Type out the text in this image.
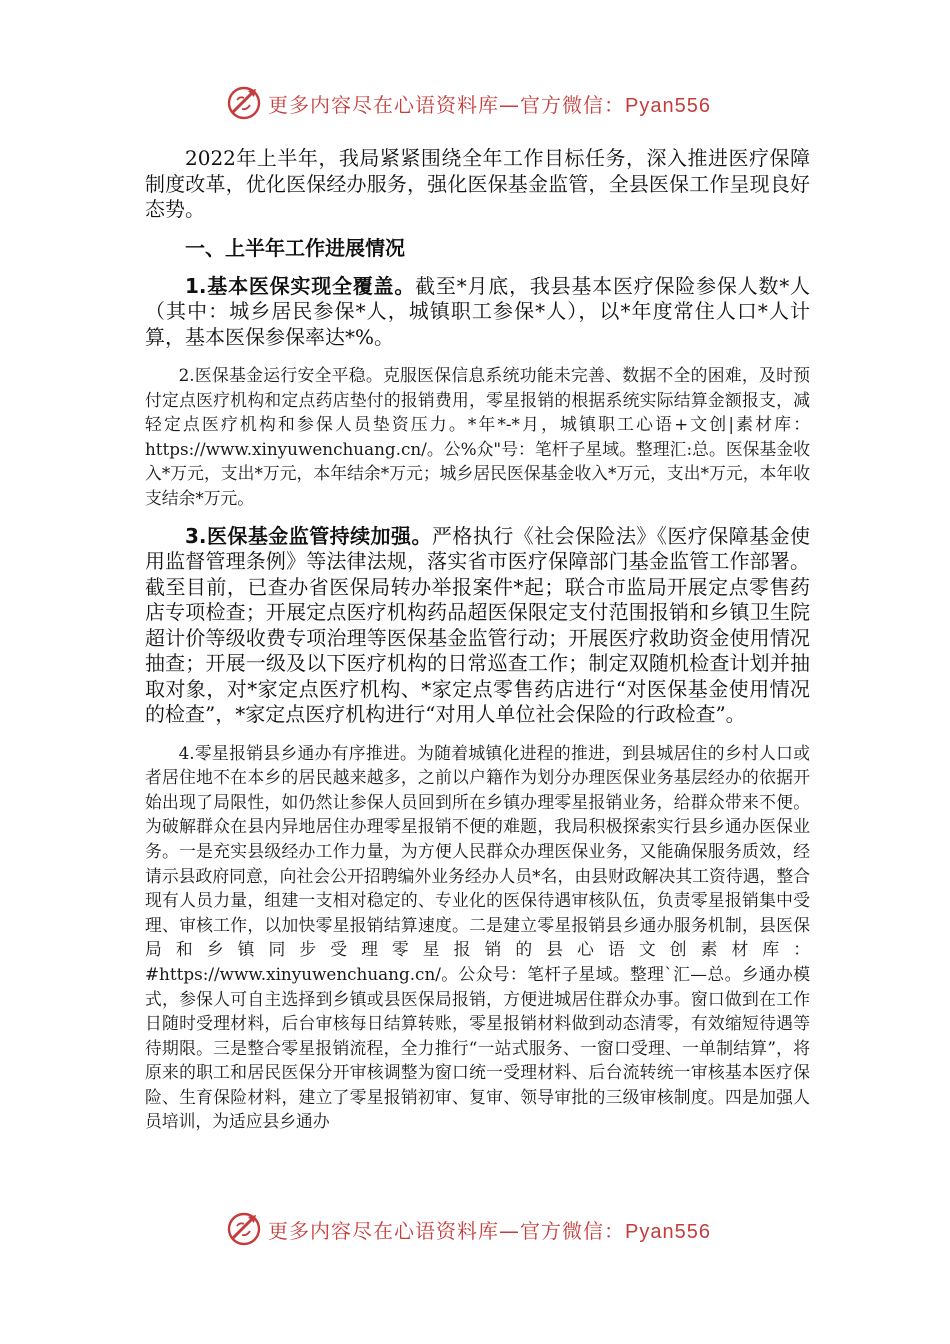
更多内容尽在心语资料库—官方微信：Pyan556

2022年上半年，我局紧紧围绕全年工作目标任务，深入推进医疗保障制度改革，优化医保经办服务，强化医保基金监管，全县医保工作呈现良好态势。

一、上半年工作进展情况

1.基本医保实现全覆盖。截至*月底，我县基本医疗保险参保人数*人（其中：城乡居民参保*人，城镇职工参保*人），以*年度常住人口*人计算，基本医保参保率达*%。

2.医保基金运行安全平稳。克服医保信息系统功能未完善、数据不全的困难，及时预付定点医疗机构和定点药店垫付的报销费用，零星报销的根据系统实际结算金额报支，减轻定点医疗机构和参保人员垫资压力。*年*-*月，城镇职工心语+文创|素材库：https://www.xinyuwenchuang.cn/。公%众"号：笔杆子星域。整理汇:总。医保基金收入*万元，支出*万元，本年结余*万元；城乡居民医保基金收入*万元，支出*万元，本年收支结余*万元。

3.医保基金监管持续加强。严格执行《社会保险法》《医疗保障基金使用监督管理条例》等法律法规，落实省市医疗保障部门基金监管工作部署。截至目前，已查办省医保局转办举报案件*起；联合市监局开展定点零售药店专项检查；开展定点医疗机构药品超医保限定支付范围报销和乡镇卫生院超计价等级收费专项治理等医保基金监管行动；开展医疗救助资金使用情况抽查；开展一级及以下医疗机构的日常巡查工作；制定双随机检查计划并抽取对象，对*家定点医疗机构、*家定点零售药店进行“对医保基金使用情况的检查”，*家定点医疗机构进行“对用人单位社会保险的行政检查”。

4.零星报销县乡通办有序推进。为随着城镇化进程的推进，到县城居住的乡村人口或者居住地不在本乡的居民越来越多，之前以户籍作为划分办理医保业务基层经办的依据开始出现了局限性，如仍然让参保人员回到所在乡镇办理零星报销业务，给群众带来不便。为破解群众在县内异地居住办理零星报销不便的难题，我局积极探索实行县乡通办医保业务。一是充实县级经办工作力量，为方便人民群众办理医保业务，又能确保服务质效，经请示县政府同意，向社会公开招聘编外业务经办人员*名，由县财政解决其工资待遇，整合现有人员力量，组建一支相对稳定的、专业化的医保待遇审核队伍，负责零星报销集中受理、审核工作，以加快零星报销结算速度。二是建立零星报销县乡通办服务机制，县医保局和乡镇同步受理零星报销的县心语文创素材库：#https://www.xinyuwenchuang.cn/。公众号：笔杆子星域。整理`汇—总。乡通办模式，参保人可自主选择到乡镇或县医保局报销，方便进城居住群众办事。窗口做到在工作日随时受理材料，后台审核每日结算转账，零星报销材料做到动态清零，有效缩短待遇等待期限。三是整合零星报销流程，全力推行“一站式服务、一窗口受理、一单制结算”，将原来的职工和居民医保分开审核调整为窗口统一受理材料、后台流转统一审核基本医疗保险、生育保险材料，建立了零星报销初审、复审、领导审批的三级审核制度。四是加强人员培训，为适应县乡通办

更多内容尽在心语资料库—官方微信：Pyan556
